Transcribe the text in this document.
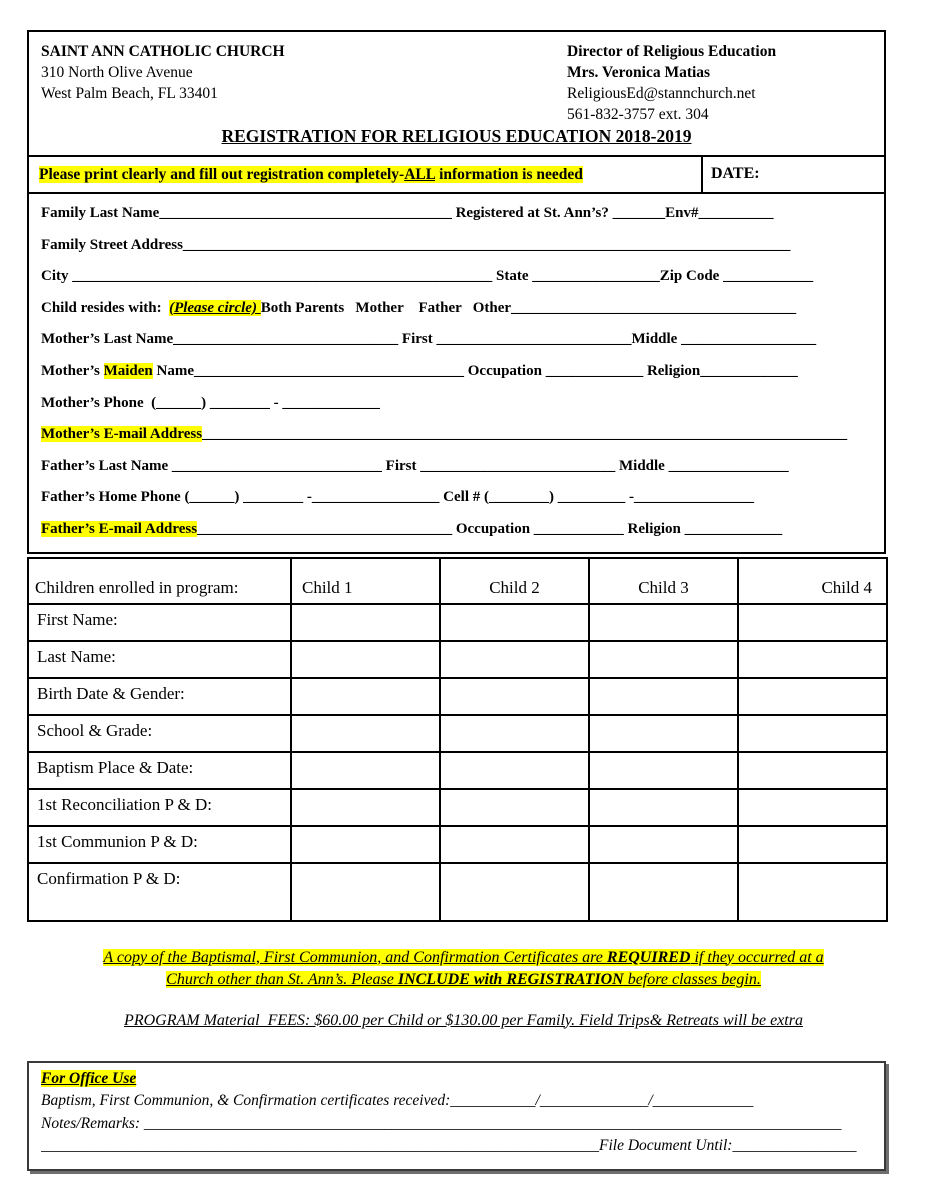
SAINT ANN CATHOLIC CHURCH
310 North Olive Avenue
West Palm Beach, FL 33401
Director of Religious Education
Mrs. Veronica Matias
ReligiousEd@stannchurch.net
561-832-3757 ext. 304
REGISTRATION FOR RELIGIOUS EDUCATION 2018-2019
Please print clearly and fill out registration completely-ALL information is needed	DATE:
Family Last Name_______________________________________ Registered at St. Ann’s? _______Env#__________
Family Street Address_________________________________________________________________________________
City ________________________________________________________ State _________________Zip Code ____________
Child resides with:  (Please circle) Both Parents   Mother    Father   Other______________________________________
Mother’s Last Name______________________________ First __________________________Middle __________________
Mother’s Maiden Name____________________________________ Occupation _____________ Religion_____________
Mother’s Phone  (______) ________ - _____________
Mother’s E-mail Address______________________________________________________________________________________
Father’s Last Name ____________________________ First __________________________ Middle ________________
Father’s Home Phone (______) ________ -_________________ Cell # (________) _________ -________________
Father’s E-mail Address__________________________________ Occupation ____________ Religion _____________
Children enrolled in program:	Child 1	Child 2	Child 3	Child 4
First Name:				
Last Name:				
Birth Date & Gender:				
School & Grade:				
Baptism Place & Date:				
1st Reconciliation P & D:				
1st Communion P & D:				
Confirmation P & D:				
A copy of the Baptismal, First Communion, and Confirmation Certificates are REQUIRED if they occurred at a
Church other than St. Ann’s. Please INCLUDE with REGISTRATION before classes begin.
PROGRAM Material  FEES: $60.00 per Child or $130.00 per Family. Field Trips& Retreats will be extra
For Office Use
Baptism, First Communion, & Confirmation certificates received:___________/______________/_____________
Notes/Remarks: __________________________________________________________________________________________
________________________________________________________________________File Document Until:________________
